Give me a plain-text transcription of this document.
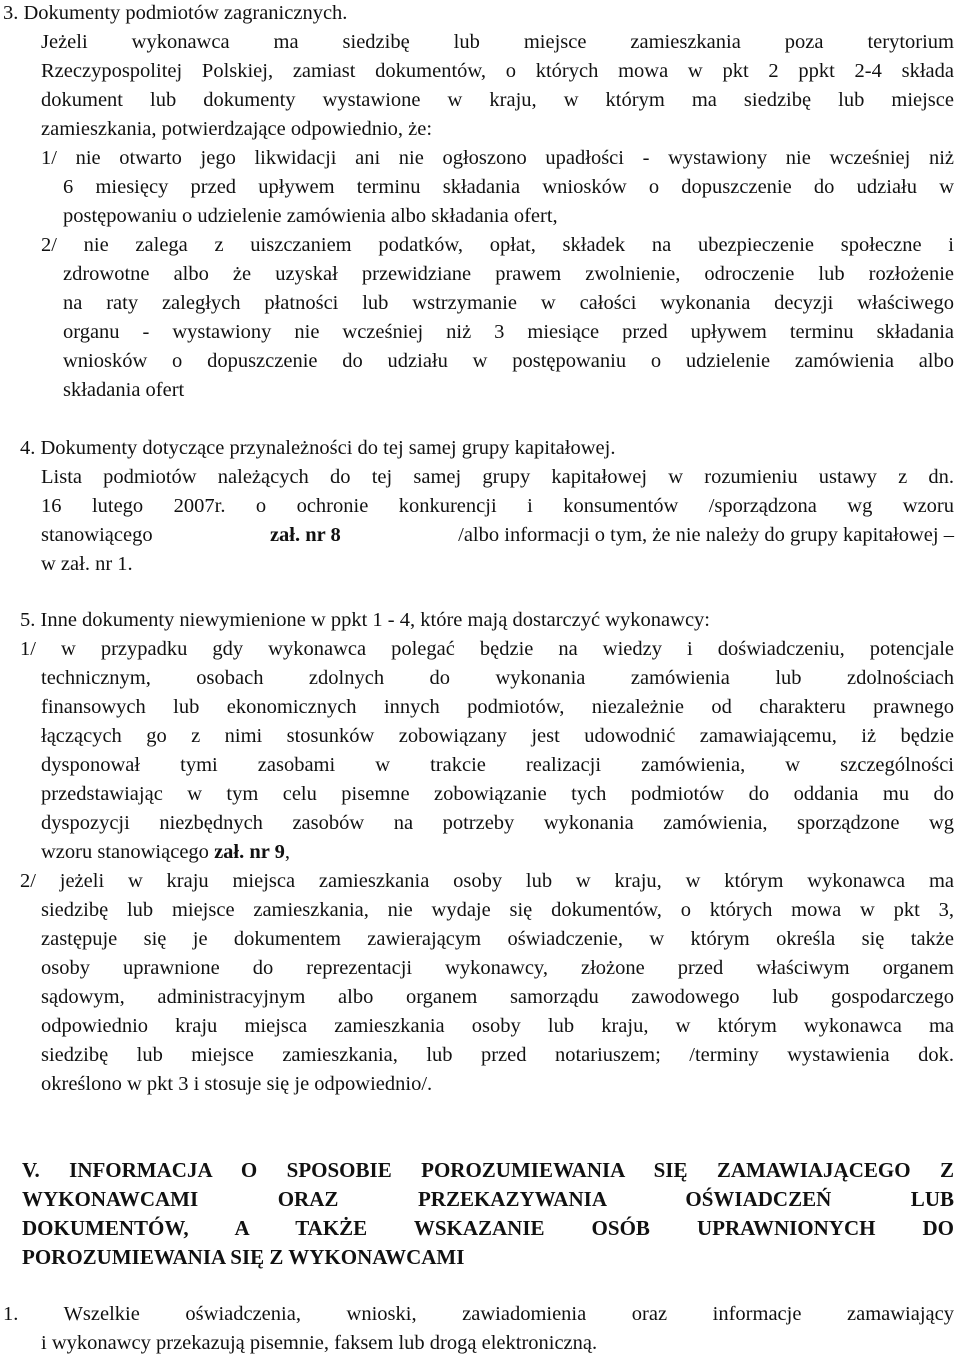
3. Dokumenty podmiotów zagranicznych.
Jeżeli wykonawca ma siedzibę lub miejsce zamieszkania poza terytorium
Rzeczypospolitej Polskiej, zamiast dokumentów, o których mowa w pkt 2 ppkt 2-4 składa
dokument lub dokumenty wystawione w kraju, w którym ma siedzibę lub miejsce
zamieszkania, potwierdzające odpowiednio, że:
1/ nie otwarto jego likwidacji ani nie ogłoszono upadłości - wystawiony nie wcześniej niż
6 miesięcy przed upływem terminu składania wniosków o dopuszczenie do udziału w
postępowaniu o udzielenie zamówienia albo składania ofert,
2/ nie zalega z uiszczaniem podatków, opłat, składek na ubezpieczenie społeczne i
zdrowotne albo że uzyskał przewidziane prawem zwolnienie, odroczenie lub rozłożenie
na raty zaległych płatności lub wstrzymanie w całości wykonania decyzji właściwego
organu - wystawiony nie wcześniej niż 3 miesiące przed upływem terminu składania
wniosków o dopuszczenie do udziału w postępowaniu o udzielenie zamówienia albo
składania ofert
4. Dokumenty dotyczące przynależności do tej samej grupy kapitałowej.
Lista podmiotów należących do tej samej grupy kapitałowej w rozumieniu ustawy z dn.
16 lutego 2007r. o ochronie konkurencji i konsumentów /sporządzona wg wzoru
stanowiącego	zał. nr 8	/albo informacji o tym, że nie należy do grupy kapitałowej –
w zał. nr 1.
5. Inne dokumenty niewymienione w ppkt 1 - 4, które mają dostarczyć wykonawcy:
1/ w przypadku gdy wykonawca polegać będzie na wiedzy i doświadczeniu, potencjale
technicznym, osobach zdolnych do wykonania zamówienia lub zdolnościach
finansowych lub ekonomicznych innych podmiotów, niezależnie od charakteru prawnego
łączących go z nimi stosunków zobowiązany jest udowodnić zamawiającemu, iż będzie
dysponował tymi zasobami w trakcie realizacji zamówienia, w szczególności
przedstawiając w tym celu pisemne zobowiązanie tych podmiotów do oddania mu do
dyspozycji niezbędnych zasobów na potrzeby wykonania zamówienia, sporządzone wg
wzoru stanowiącego zał. nr 9,
2/ jeżeli w kraju miejsca zamieszkania osoby lub w kraju, w którym wykonawca ma
siedzibę lub miejsce zamieszkania, nie wydaje się dokumentów, o których mowa w pkt 3,
zastępuje się je dokumentem zawierającym oświadczenie, w którym określa się także
osoby uprawnione do reprezentacji wykonawcy, złożone przed właściwym organem
sądowym, administracyjnym albo organem samorządu zawodowego lub gospodarczego
odpowiednio kraju miejsca zamieszkania osoby lub kraju, w którym wykonawca ma
siedzibę lub miejsce zamieszkania, lub przed notariuszem; /terminy wystawienia dok.
określono w pkt 3 i stosuje się je odpowiednio/.
V. INFORMACJA O SPOSOBIE POROZUMIEWANIA SIĘ ZAMAWIAJĄCEGO Z
WYKONAWCAMI ORAZ PRZEKAZYWANIA OŚWIADCZEŃ LUB
DOKUMENTÓW, A TAKŻE WSKAZANIE OSÓB UPRAWNIONYCH DO
POROZUMIEWANIA SIĘ Z WYKONAWCAMI
1. Wszelkie oświadczenia, wnioski, zawiadomienia oraz informacje zamawiający
i wykonawcy przekazują pisemnie, faksem lub drogą elektroniczną.
